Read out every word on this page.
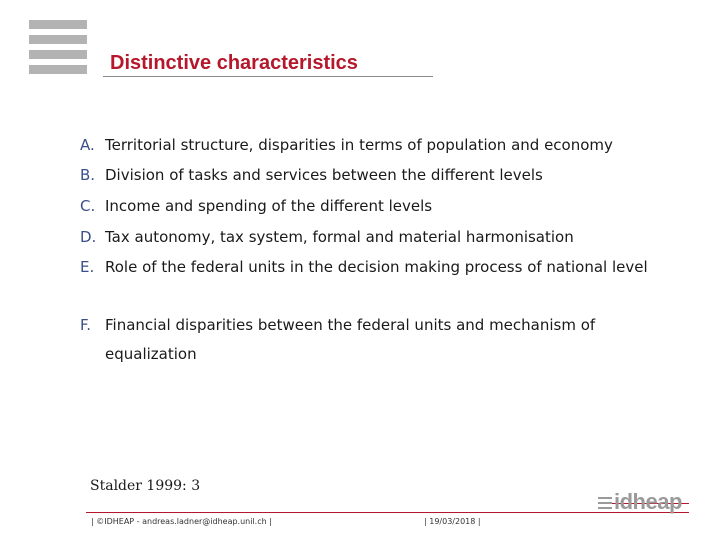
Distinctive characteristics
A. Territorial structure, disparities in terms of population and economy
B. Division of tasks and services between the different levels
C. Income and spending of the different levels
D. Tax autonomy, tax system, formal and material harmonisation
E. Role of the federal units in the decision making process of national level
F. Financial disparities between the federal units and mechanism of equalization
Stalder 1999: 3
| ©IDHEAP - andreas.ladner@idheap.unil.ch |	| 19/03/2018 |
idheap
